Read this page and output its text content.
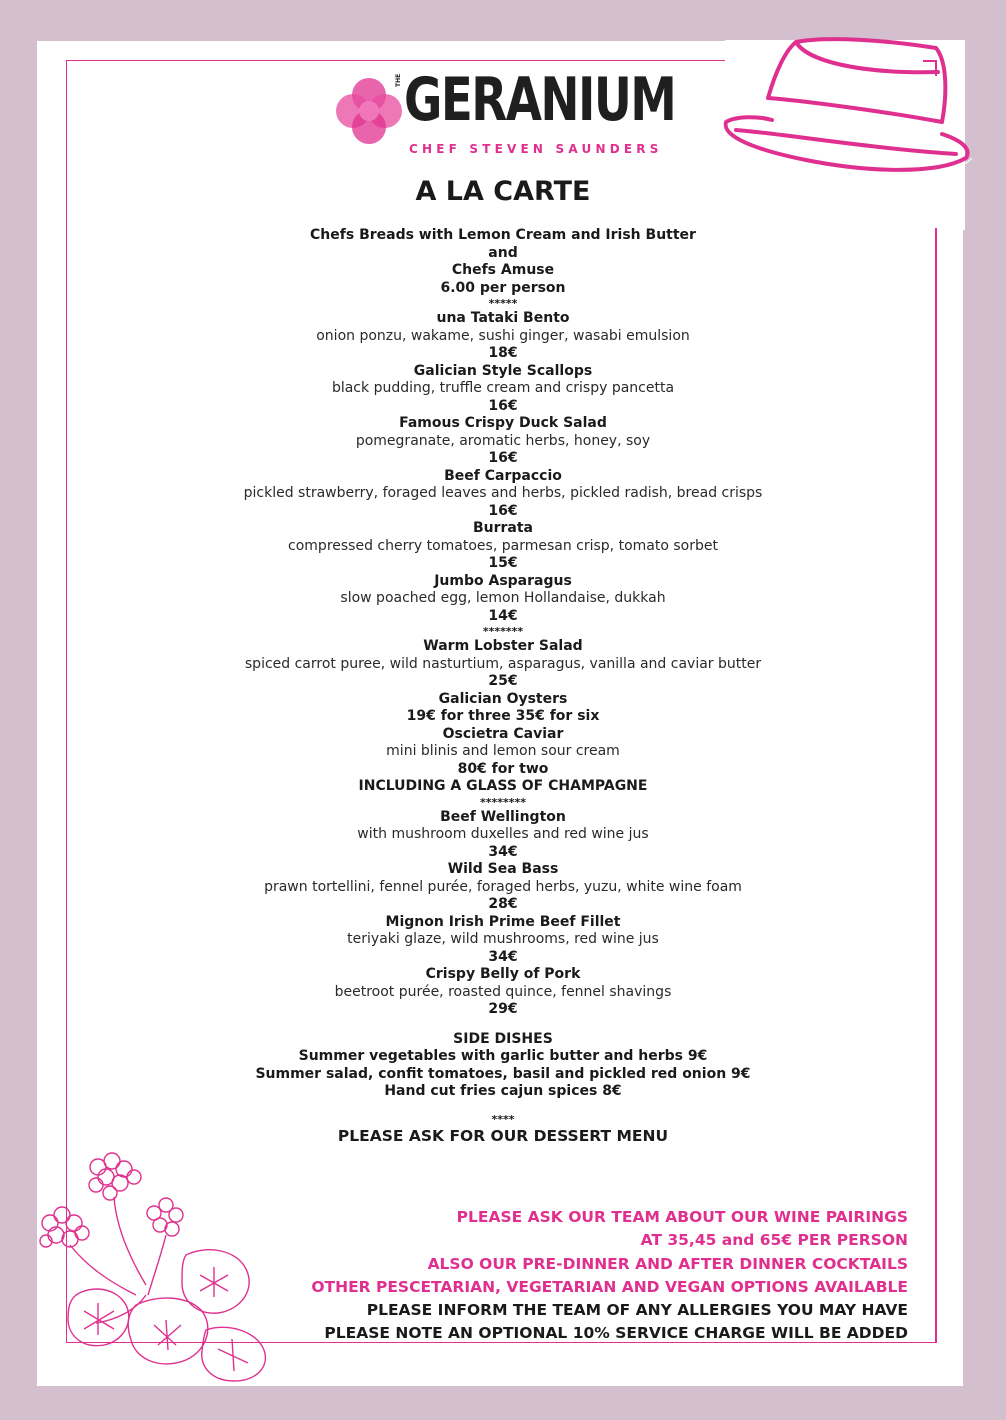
THE GERANIUM
CHEF STEVEN SAUNDERS
A LA CARTE
Chefs Breads with Lemon Cream and Irish Butter
and
Chefs Amuse
6.00 per person
*****
una Tataki Bento
onion ponzu, wakame, sushi ginger, wasabi emulsion
18€
Galician Style Scallops
black pudding, truffle cream and crispy pancetta
16€
Famous Crispy Duck Salad
pomegranate, aromatic herbs, honey, soy
16€
Beef Carpaccio
pickled strawberry, foraged leaves and herbs, pickled radish, bread crisps
16€
Burrata
compressed cherry tomatoes, parmesan crisp, tomato sorbet
15€
Jumbo Asparagus
slow poached egg, lemon Hollandaise, dukkah
14€
*******
Warm Lobster Salad
spiced carrot puree, wild nasturtium, asparagus, vanilla and caviar butter
25€
Galician Oysters
19€ for three 35€ for six
Oscietra Caviar
mini blinis and lemon sour cream
80€ for two
INCLUDING A GLASS OF CHAMPAGNE
********
Beef Wellington
with mushroom duxelles and red wine jus
34€
Wild Sea Bass
prawn tortellini, fennel purée, foraged herbs, yuzu, white wine foam
28€
Mignon Irish Prime Beef Fillet
teriyaki glaze, wild mushrooms, red wine jus
34€
Crispy Belly of Pork
beetroot purée, roasted quince, fennel shavings
29€
SIDE DISHES
Summer vegetables with garlic butter and herbs 9€
Summer salad, confit tomatoes, basil and pickled red onion 9€
Hand cut fries cajun spices 8€
****
PLEASE ASK FOR OUR DESSERT MENU
PLEASE ASK OUR TEAM ABOUT OUR WINE PAIRINGS
AT 35,45 and 65€ PER PERSON
ALSO OUR PRE-DINNER AND AFTER DINNER COCKTAILS
OTHER PESCETARIAN, VEGETARIAN AND VEGAN OPTIONS AVAILABLE
PLEASE INFORM THE TEAM OF ANY ALLERGIES YOU MAY HAVE
PLEASE NOTE AN OPTIONAL 10% SERVICE CHARGE WILL BE ADDED
